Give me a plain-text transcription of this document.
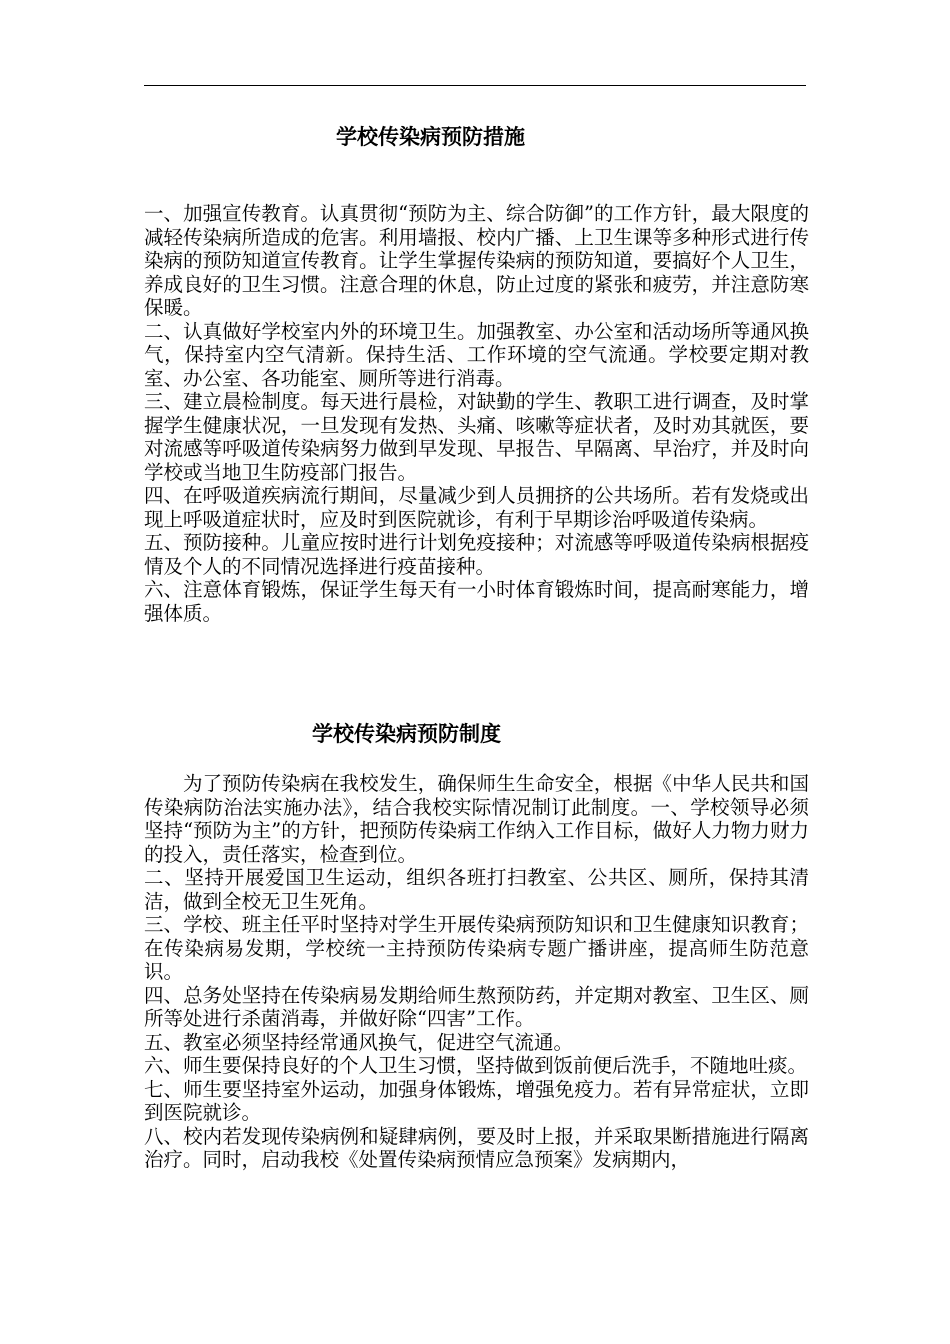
学校传染病预防措施

一、加强宣传教育。认真贯彻“预防为主、综合防御”的工作方针，最大限度的减轻传染病所造成的危害。利用墙报、校内广播、上卫生课等多种形式进行传染病的预防知道宣传教育。让学生掌握传染病的预防知道，要搞好个人卫生，养成良好的卫生习惯。注意合理的休息，防止过度的紧张和疲劳，并注意防寒保暖。

二、认真做好学校室内外的环境卫生。加强教室、办公室和活动场所等通风换气，保持室内空气清新。保持生活、工作环境的空气流通。学校要定期对教室、办公室、各功能室、厕所等进行消毒。

三、建立晨检制度。每天进行晨检，对缺勤的学生、教职工进行调查，及时掌握学生健康状况，一旦发现有发热、头痛、咳嗽等症状者，及时劝其就医，要对流感等呼吸道传染病努力做到早发现、早报告、早隔离、早治疗，并及时向学校或当地卫生防疫部门报告。

四、在呼吸道疾病流行期间，尽量减少到人员拥挤的公共场所。若有发烧或出现上呼吸道症状时，应及时到医院就诊，有利于早期诊治呼吸道传染病。

五、预防接种。儿童应按时进行计划免疫接种；对流感等呼吸道传染病根据疫情及个人的不同情况选择进行疫苗接种。

六、注意体育锻炼，保证学生每天有一小时体育锻炼时间，提高耐寒能力，增强体质。

学校传染病预防制度

为了预防传染病在我校发生，确保师生生命安全，根据《中华人民共和国传染病防治法实施办法》，结合我校实际情况制订此制度。一、学校领导必须坚持“预防为主”的方针，把预防传染病工作纳入工作目标，做好人力物力财力的投入，责任落实，检查到位。

二、坚持开展爱国卫生运动，组织各班打扫教室、公共区、厕所，保持其清洁，做到全校无卫生死角。

三、学校、班主任平时坚持对学生开展传染病预防知识和卫生健康知识教育；在传染病易发期，学校统一主持预防传染病专题广播讲座，提高师生防范意识。

四、总务处坚持在传染病易发期给师生熬预防药，并定期对教室、卫生区、厕所等处进行杀菌消毒，并做好除“四害”工作。

五、教室必须坚持经常通风换气，促进空气流通。

六、师生要保持良好的个人卫生习惯，坚持做到饭前便后洗手，不随地吐痰。

七、师生要坚持室外运动，加强身体锻炼，增强免疫力。若有异常症状，立即到医院就诊。

八、校内若发现传染病例和疑肆病例，要及时上报，并采取果断措施进行隔离治疗。同时，启动我校《处置传染病预情应急预案》发病期内，
